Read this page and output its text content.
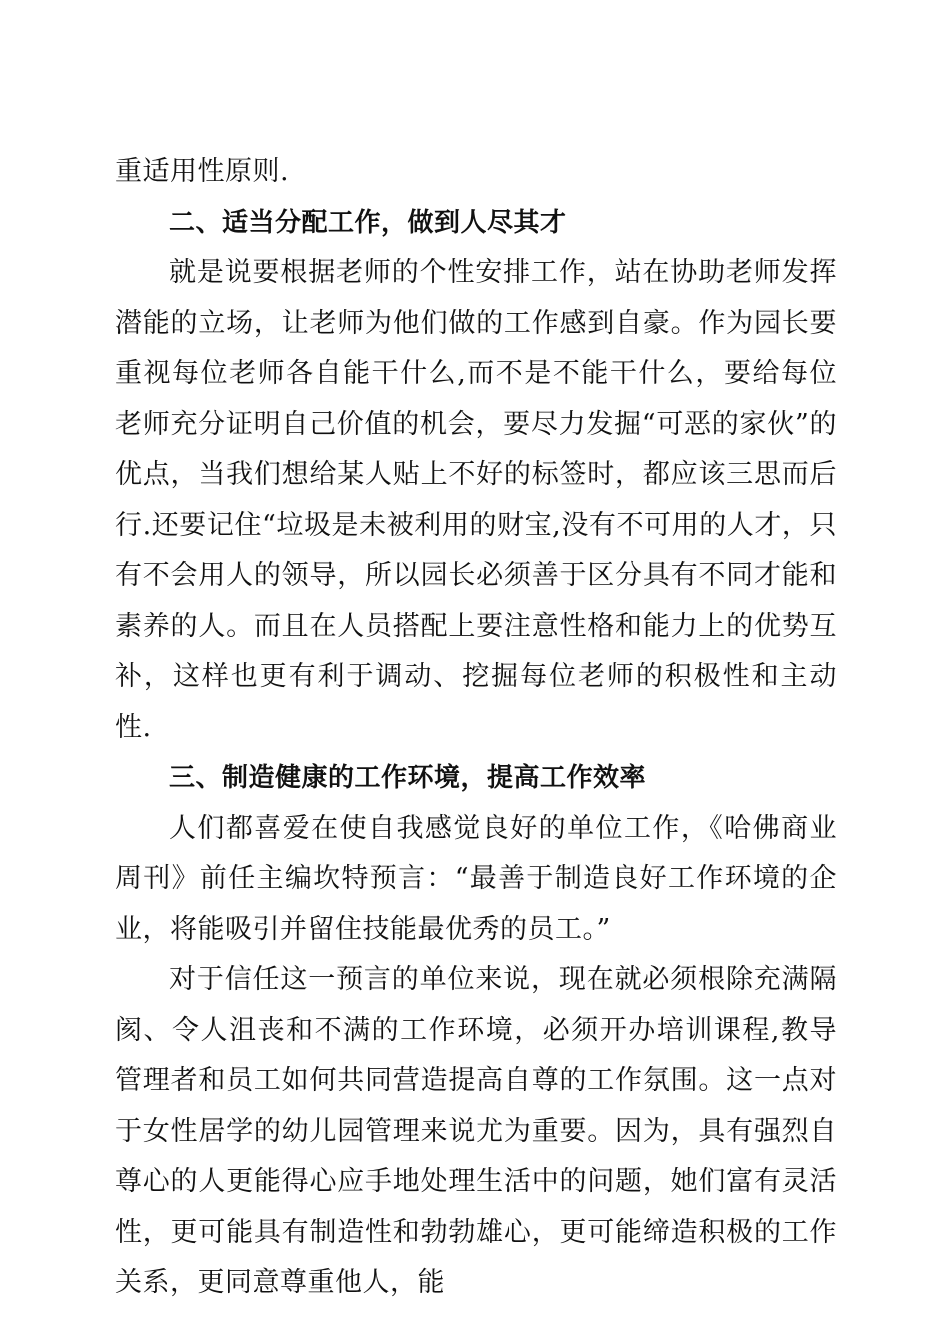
重适用性原则.

二、适当分配工作，做到人尽其才

就是说要根据老师的个性安排工作，站在协助老师发挥潜能的立场，让老师为他们做的工作感到自豪。作为园长要重视每位老师各自能干什么,而不是不能干什么，要给每位老师充分证明自己价值的机会，要尽力发掘“可恶的家伙”的优点，当我们想给某人贴上不好的标签时，都应该三思而后行.还要记住“垃圾是未被利用的财宝,没有不可用的人才，只有不会用人的领导，所以园长必须善于区分具有不同才能和素养的人。而且在人员搭配上要注意性格和能力上的优势互补，这样也更有利于调动、挖掘每位老师的积极性和主动性.

三、制造健康的工作环境，提高工作效率

人们都喜爱在使自我感觉良好的单位工作，《哈佛商业周刊》前任主编坎特预言：“最善于制造良好工作环境的企业，将能吸引并留住技能最优秀的员工。”

对于信任这一预言的单位来说，现在就必须根除充满隔阂、令人沮丧和不满的工作环境，必须开办培训课程,教导管理者和员工如何共同营造提高自尊的工作氛围。这一点对于女性居学的幼儿园管理来说尤为重要。因为，具有强烈自尊心的人更能得心应手地处理生活中的问题，她们富有灵活性，更可能具有制造性和勃勃雄心，更可能缔造积极的工作关系，更同意尊重他人，能
